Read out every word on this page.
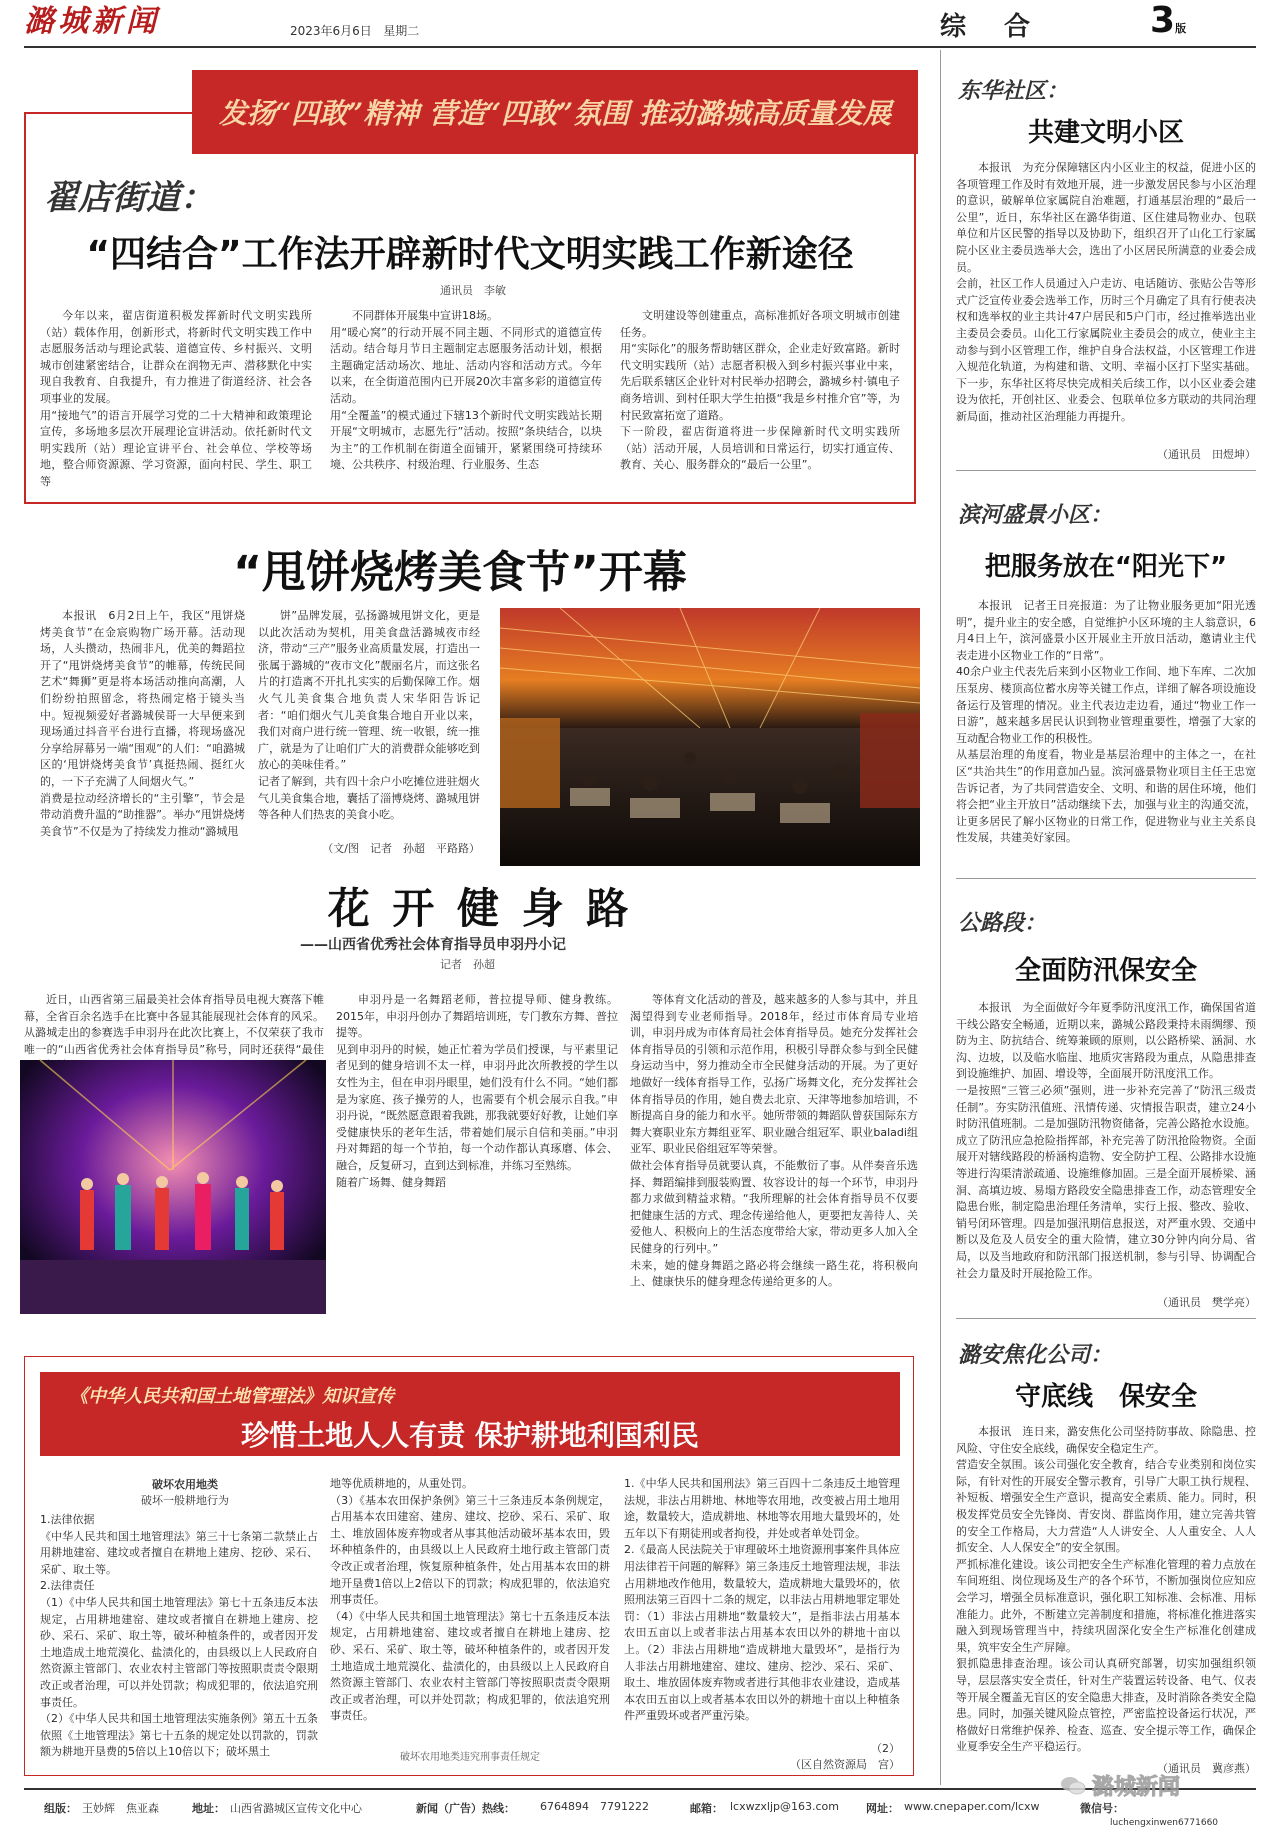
潞城新闻	2023年6月6日 星期二	综　合	3版
发扬“四敢”精神 营造“四敢”氛围 推动潞城高质量发展
翟店街道：
“四结合”工作法开辟新时代文明实践工作新途径
通讯员　李敏

今年以来，翟店街道积极发挥新时代文明实践所（站）载体作用，创新形式，将新时代文明实践工作中志愿服务活动与理论武装、道德宣传、乡村振兴、文明城市创建紧密结合，让群众在润物无声、潜移默化中实现自我教育、自我提升，有力推进了街道经济、社会各项事业的发展。
用“接地气”的语言开展学习党的二十大精神和政策理论宣传，多场地多层次开展理论宣讲活动。依托新时代文明实践所（站）理论宣讲平台、社会单位、学校等场地，整合师资源源、学习资源，面向村民、学生、职工等

不同群体开展集中宣讲18场。
用“暖心窝”的行动开展不同主题、不同形式的道德宣传活动。结合每月节日主题制定志愿服务活动计划，根据主题确定活动场次、地址、活动内容和活动方式。今年以来，在全街道范围内已开展20次丰富多彩的道德宣传活动。
用“全覆盖”的模式通过下辖13个新时代文明实践站长期开展“文明城市，志愿先行”活动。按照“条块结合，以块为主”的工作机制在街道全面铺开，紧紧围绕可持续环境、公共秩序、村级治理、行业服务、生态

文明建设等创建重点，高标准抓好各项文明城市创建任务。
用“实际化”的服务帮助辖区群众，企业走好致富路。新时代文明实践所（站）志愿者积极入到乡村振兴事业中来，先后联系辖区企业针对村民举办招聘会，潞城乡村·镇电子商务培训、到村任职大学生拍摄“我是乡村推介官”等，为村民致富拓宽了道路。
下一阶段，翟店街道将进一步保障新时代文明实践所（站）活动开展，人员培训和日常运行，切实打通宣传、教育、关心、服务群众的“最后一公里”。

“甩饼烧烤美食节”开幕

本报讯　6月2日上午，我区“甩饼烧烤美食节”在金宸购物广场开幕。活动现场，人头攒动，热闹非凡，优美的舞蹈拉开了“甩饼烧烤美食节”的帷幕，传统民间艺术“舞狮”更是将本场活动推向高潮，人们纷纷拍照留念，将热闹定格于镜头当中。短视频爱好者潞城侯哥一大早便来到现场通过抖音平台进行直播，将现场盛况分享给屏幕另一端“围观”的人们：“咱潞城区的‘甩饼烧烤美食节’真挺热闹、挺红火的，一下子充满了人间烟火气。”
消费是拉动经济增长的“主引擎”，节会是带动消费升温的“助推器”。举办“甩饼烧烤美食节”不仅是为了持续发力推动“潞城甩

饼”品牌发展，弘扬潞城甩饼文化，更是以此次活动为契机，用美食盘活潞城夜市经济，带动“三产”服务业高质量发展，打造出一张属于潞城的“夜市文化”靓丽名片，而这张名片的打造离不开扎扎实实的后勤保障工作。烟火气儿美食集合地负责人宋华阳告诉记者：“咱们烟火气儿美食集合地自开业以来，我们对商户进行统一管理、统一收银，统一推广，就是为了让咱们广大的消费群众能够吃到放心的美味佳肴。”
记者了解到，共有四十余户小吃摊位进驻烟火气儿美食集合地，囊括了淄博烧烤、潞城甩饼等各种人们热衷的美食小吃。

（文/图　记者　孙超　平路路）
花 开 健 身 路
——山西省优秀社会体育指导员申羽丹小记
记者　孙超

近日，山西省第三届最美社会体育指导员电视大赛落下帷幕，全省百余名选手在比赛中各显其能展现社会体育的风采。从潞城走出的参赛选手申羽丹在此次比赛上，不仅荣获了我市唯一的“山西省优秀社会体育指导员”称号，同时还获得“最佳

申羽丹是一名舞蹈老师，普拉提导师、健身教练。2015年，申羽丹创办了舞蹈培训班，专门教东方舞、普拉提等。
见到申羽丹的时候，她正忙着为学员们授课，与平素里记者见到的健身培训不太一样，申羽丹此次所教授的学生以女性为主，但在申羽丹眼里，她们没有什么不同。“她们都是为家庭、孩子操劳的人，也需要有个机会展示自我。”申羽丹说，“既然愿意跟着我跳，那我就要好好教，让她们享受健康快乐的老年生活，带着她们展示自信和美丽。”申羽丹对舞蹈的每一个节拍，每一个动作都认真琢磨、体会、融合，反复研习，直到达到标准，并练习至熟练。
随着广场舞、健身舞蹈

等体育文化活动的普及，越来越多的人参与其中，并且渴望得到专业老师指导。2018年，经过市体育局专业培训，申羽丹成为市体育局社会体育指导员。她充分发挥社会体育指导员的引领和示范作用，积极引导群众参与到全民健身运动当中，努力推动全市全民健身活动的开展。为了更好地做好一线体育指导工作，弘扬广场舞文化，充分发挥社会体育指导员的作用，她自费去北京、天津等地参加培训，不断提高自身的能力和水平。她所带领的舞蹈队曾获国际东方舞大赛职业东方舞组亚军、职业融合组冠军、职业baladi组亚军、职业民俗组冠军等荣誉。
做社会体育指导员就要认真，不能敷衍了事。从伴奏音乐选择、舞蹈编排到服装购置、妆容设计的每一个环节，申羽丹都力求做到精益求精。“我所理解的社会体育指导员不仅要把健康生活的方式、理念传递给他人，更要把友善待人、关爱他人、积极向上的生活态度带给大家，带动更多人加入全民健身的行列中。”
未来，她的健身舞蹈之路必将会继续一路生花，将积极向上、健康快乐的健身理念传递给更多的人。

《中华人民共和国土地管理法》知识宣传
珍惜土地人人有责 保护耕地利国利民
破坏农用地类
破坏一般耕地行为

1.法律依据
《中华人民共和国土地管理法》第三十七条第二款禁止占用耕地建窑、建坟或者擅自在耕地上建房、挖砂、采石、采矿、取土等。
2.法律责任
（1）《中华人民共和国土地管理法》第七十五条违反本法规定，占用耕地建窑、建坟或者擅自在耕地上建房、挖砂、采石、采矿、取土等，破坏种植条件的，或者因开发土地造成土地荒漠化、盐渍化的，由县级以上人民政府自然资源主管部门、农业农村主管部门等按照职责责令限期改正或者治理，可以并处罚款；构成犯罪的，依法追究刑事责任。
（2）《中华人民共和国土地管理法实施条例》第五十五条依照《土地管理法》第七十五条的规定处以罚款的，罚款额为耕地开垦费的5倍以上10倍以下；破坏黑土

地等优质耕地的，从重处罚。
（3）《基本农田保护条例》第三十三条违反本条例规定，占用基本农田建窑、建房、建坟、挖砂、采石、采矿、取土、堆放固体废弃物或者从事其他活动破坏基本农田，毁坏种植条件的，由县级以上人民政府土地行政主管部门责令改正或者治理，恢复原种植条件，处占用基本农田的耕地开垦费1倍以上2倍以下的罚款；构成犯罪的，依法追究刑事责任。
（4）《中华人民共和国土地管理法》第七十五条违反本法规定，占用耕地建窑、建坟或者擅自在耕地上建房、挖砂、采石、采矿、取土等，破坏种植条件的，或者因开发土地造成土地荒漠化、盐渍化的，由县级以上人民政府自然资源主管部门、农业农村主管部门等按照职责责令限期改正或者治理，可以并处罚款；构成犯罪的，依法追究刑事责任。

破坏农用地类违究刑事责任规定

1.《中华人民共和国刑法》第三百四十二条违反土地管理法规，非法占用耕地、林地等农用地，改变被占用土地用途，数量较大，造成耕地、林地等农用地大量毁坏的，处五年以下有期徒刑或者拘役，并处或者单处罚金。
2.《最高人民法院关于审理破坏土地资源刑事案件具体应用法律若干问题的解释》第三条违反土地管理法规，非法占用耕地改作他用，数量较大，造成耕地大量毁坏的，依照刑法第三百四十二条的规定，以非法占用耕地罪定罪处罚：（1）非法占用耕地“数量较大”，是指非法占用基本农田五亩以上或者非法占用基本农田以外的耕地十亩以上。（2）非法占用耕地“造成耕地大量毁坏”，是指行为人非法占用耕地建窑、建坟、建房、挖沙、采石、采矿、取土、堆放固体废弃物或者进行其他非农业建设，造成基本农田五亩以上或者基本农田以外的耕地十亩以上种植条件严重毁坏或者严重污染。

（2）
（区自然资源局　宫）
东华社区：
共建文明小区

本报讯　为充分保障辖区内小区业主的权益，促进小区的各项管理工作及时有效地开展，进一步激发居民参与小区治理的意识，破解单位家属院自治难题，打通基层治理的“最后一公里”，近日，东华社区在潞华街道、区住建局物业办、包联单位和片区民警的指导以及协助下，组织召开了山化工行家属院小区业主委员选举大会，选出了小区居民所满意的业委会成员。
会前，社区工作人员通过入户走访、电话随访、张贴公告等形式广泛宣传业委会选举工作，历时三个月确定了具有行使表决权和选举权的业主共计47户居民和5户门市，经过推举选出业主委员会委员。山化工行家属院业主委员会的成立，使业主主动参与到小区管理工作，维护自身合法权益，小区管理工作进入规范化轨道，为构建和谐、文明、幸福小区打下坚实基础。下一步，东华社区将尽快完成相关后续工作，以小区业委会建设为依托，开创社区、业委会、包联单位多方联动的共同治理新局面，推动社区治理能力再提升。

（通讯员　田煜坤）
滨河盛景小区：
把服务放在“阳光下”

本报讯　记者王日亮报道：为了让物业服务更加“阳光透明”，提升业主的安全感，自觉维护小区环境的主人翁意识，6月4日上午，滨河盛景小区开展业主开放日活动，邀请业主代表走进小区物业工作的“日常”。
40余户业主代表先后来到小区物业工作间、地下车库、二次加压泵房、楼顶高位蓄水房等关键工作点，详细了解各项设施设备运行及管理的情况。业主代表边走边看，通过“物业工作一日游”，越来越多居民认识到物业管理重要性，增强了大家的互动配合物业工作的积极性。
从基层治理的角度看，物业是基层治理中的主体之一，在社区“共治共生”的作用意加凸显。滨河盛景物业项目主任王忠宽告诉记者，为了共同营造安全、文明、和谐的居住环境，他们将会把“业主开放日”活动继续下去，加强与业主的沟通交流，让更多居民了解小区物业的日常工作，促进物业与业主关系良性发展，共建美好家园。

公路段：
全面防汛保安全

本报讯　为全面做好今年夏季防汛度汛工作，确保国省道干线公路安全畅通，近期以来，潞城公路段秉持未雨绸缪、预防为主、防抗结合、统筹兼顾的原则，以公路桥梁、涵洞、水沟、边坡，以及临水临崖、地质灾害路段为重点，从隐患排查到设施维护、加固、增设等，全面展开防汛度汛工作。
一是按照“三管三必须”强则，进一步补充完善了“防汛三级责任制”。夯实防汛值班、汛情传递、灾情报告职责，建立24小时防汛值班制。二是加强防汛物资储备，完善公路抢水设施。成立了防汛应急抢险指挥部，补充完善了防汛抢险物资。全面展开对辖线路段的桥涵构造物、安全防护工程、公路排水设施等进行沟渠清淤疏通、设施维修加固。三是全面开展桥梁、涵洞、高填边坡、易塌方路段安全隐患排查工作，动态管理安全隐患台账，制定隐患治理任务清单，实行上报、整改、验收、销号闭环管理。四是加强汛期信息报送，对严重水毁、交通中断以及危及人员安全的重大险情，建立30分钟内向分局、省局，以及当地政府和防汛部门报送机制，参与引导、协调配合社会力量及时开展抢险工作。

（通讯员　樊学亮）
潞安焦化公司：
守底线　保安全

本报讯　连日来，潞安焦化公司坚持防事故、除隐患、控风险、守住安全底线，确保安全稳定生产。
营造安全氛围。该公司强化安全教育，结合专业类别和岗位实际，有针对性的开展安全警示教育，引导广大职工执行规程、补短板、增强安全生产意识，提高安全素质、能力。同时，积极发挥党员安全先锋岗、青安岗、群监岗作用，建立完善共管的安全工作格局，大力营造“人人讲安全、人人重安全、人人抓安全、人人保安全”的安全氛围。
严抓标准化建设。该公司把安全生产标准化管理的着力点放在车间班组、岗位现场及生产的各个环节，不断加强岗位应知应会学习，增强全员标准意识，强化职工知标准、会标准、用标准能力。此外，不断建立完善制度和措施，将标准化推进落实融入到现场管理当中，持续巩固深化安全生产标准化创建成果，筑牢安全生产屏障。
狠抓隐患排查治理。该公司认真研究部署，切实加强组织领导，层层落实安全责任，针对生产装置运转设备、电气、仪表等开展全覆盖无盲区的安全隐患大排查，及时消除各类安全隐患。同时，加强关键风险点管控，严密监控设备运行状况，严格做好日常维护保养、检查、巡查、安全提示等工作，确保企业夏季安全生产平稳运行。

（通讯员　冀彦燕）
组版： 王妙辉　焦亚森	地址： 山西省潞城区宣传文化中心	新闻（广告）热线： 6764894 7791222	邮箱： lcxwzxljp@163.com 网址： www.cnepaper.com/lcxw	微信号：
luchengxinwen6771660
潞城新闻
